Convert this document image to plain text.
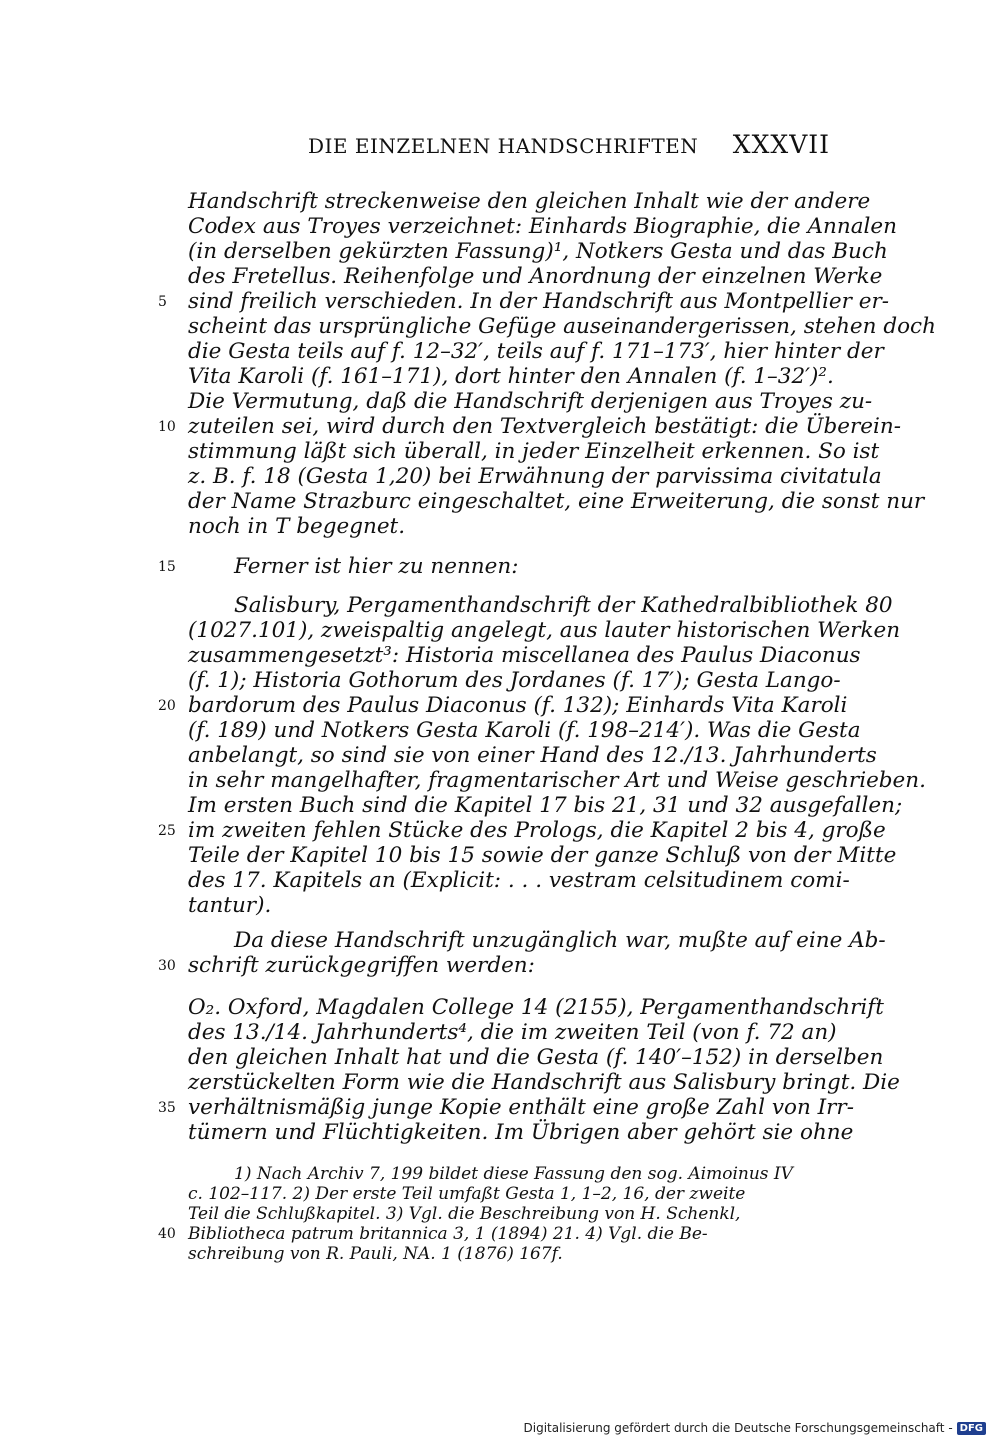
DIE EINZELNEN HANDSCHRIFTEN XXXVII
Handschrift streckenweise den gleichen Inhalt wie der andere
Codex aus Troyes verzeichnet: Einhards Biographie, die Annalen
(in derselben gekürzten Fassung)¹, Notkers Gesta und das Buch
des Fretellus. Reihenfolge und Anordnung der einzelnen Werke
sind freilich verschieden. In der Handschrift aus Montpellier er-
scheint das ursprüngliche Gefüge auseinandergerissen, stehen doch
die Gesta teils auf f. 12–32′, teils auf f. 171–173′, hier hinter der
Vita Karoli (f. 161–171), dort hinter den Annalen (f. 1–32′)².
Die Vermutung, daß die Handschrift derjenigen aus Troyes zu-
zuteilen sei, wird durch den Textvergleich bestätigt: die Überein-
stimmung läßt sich überall, in jeder Einzelheit erkennen. So ist
z. B. f. 18 (Gesta 1,20) bei Erwähnung der parvissima civitatula
der Name Strazburc eingeschaltet, eine Erweiterung, die sonst nur
noch in T begegnet.
Ferner ist hier zu nennen:
Salisbury, Pergamenthandschrift der Kathedralbibliothek 80
(1027.101), zweispaltig angelegt, aus lauter historischen Werken
zusammengesetzt³: Historia miscellanea des Paulus Diaconus
(f. 1); Historia Gothorum des Jordanes (f. 17′); Gesta Lango-
bardorum des Paulus Diaconus (f. 132); Einhards Vita Karoli
(f. 189) und Notkers Gesta Karoli (f. 198–214′). Was die Gesta
anbelangt, so sind sie von einer Hand des 12./13. Jahrhunderts
in sehr mangelhafter, fragmentarischer Art und Weise geschrieben.
Im ersten Buch sind die Kapitel 17 bis 21, 31 und 32 ausgefallen;
im zweiten fehlen Stücke des Prologs, die Kapitel 2 bis 4, große
Teile der Kapitel 10 bis 15 sowie der ganze Schluß von der Mitte
des 17. Kapitels an (Explicit: . . . vestram celsitudinem comi-
tantur).
Da diese Handschrift unzugänglich war, mußte auf eine Ab-
schrift zurückgegriffen werden:
O₂. Oxford, Magdalen College 14 (2155), Pergamenthandschrift
des 13./14. Jahrhunderts⁴, die im zweiten Teil (von f. 72 an)
den gleichen Inhalt hat und die Gesta (f. 140′–152) in derselben
zerstückelten Form wie die Handschrift aus Salisbury bringt. Die
verhältnismäßig junge Kopie enthält eine große Zahl von Irr-
tümern und Flüchtigkeiten. Im Übrigen aber gehört sie ohne
5
10
15
20
25
30
35
1) Nach Archiv 7, 199 bildet diese Fassung den sog. Aimoinus IV
c. 102–117. 2) Der erste Teil umfaßt Gesta 1, 1–2, 16, der zweite
Teil die Schlußkapitel. 3) Vgl. die Beschreibung von H. Schenkl,
Bibliotheca patrum britannica 3, 1 (1894) 21. 4) Vgl. die Be-
schreibung von R. Pauli, NA. 1 (1876) 167f.
40
Digitalisierung gefördert durch die Deutsche Forschungsgemeinschaft - DFG
